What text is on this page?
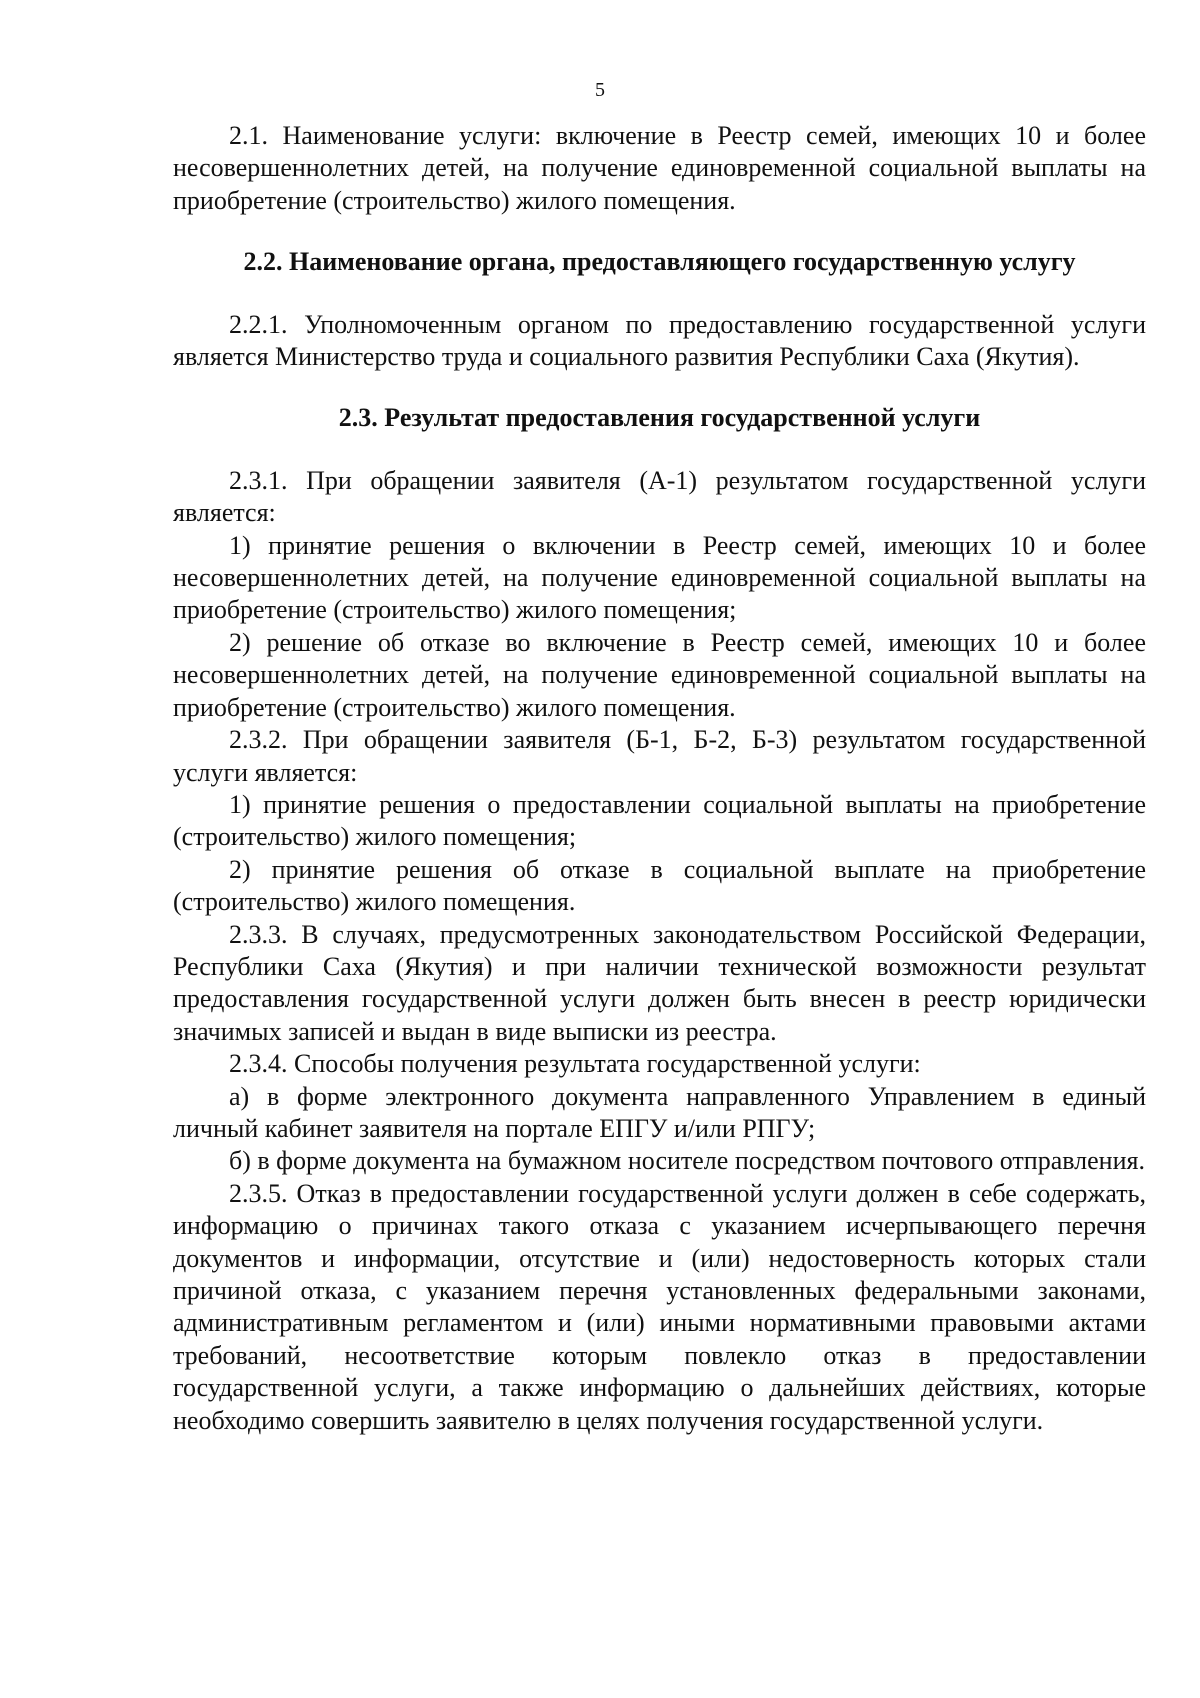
5

2.1. Наименование услуги: включение в Реестр семей, имеющих 10 и более несовершеннолетних детей, на получение единовременной социальной выплаты на приобретение (строительство) жилого помещения.

2.2. Наименование органа, предоставляющего государственную услугу

2.2.1. Уполномоченным органом по предоставлению государственной услуги является Министерство труда и социального развития Республики Саха (Якутия).

2.3. Результат предоставления государственной услуги

2.3.1. При обращении заявителя (А-1) результатом государственной услуги является:

1) принятие решения о включении в Реестр семей, имеющих 10 и более несовершеннолетних детей, на получение единовременной социальной выплаты на приобретение (строительство) жилого помещения;

2) решение об отказе во включение в Реестр семей, имеющих 10 и более несовершеннолетних детей, на получение единовременной социальной выплаты на приобретение (строительство) жилого помещения.

2.3.2. При обращении заявителя (Б-1, Б-2, Б-3) результатом государственной услуги является:

1) принятие решения о предоставлении социальной выплаты на приобретение (строительство) жилого помещения;

2) принятие решения об отказе в социальной выплате на приобретение (строительство) жилого помещения.

2.3.3. В случаях, предусмотренных законодательством Российской Федерации, Республики Саха (Якутия) и при наличии технической возможности результат предоставления государственной услуги должен быть внесен в реестр юридически значимых записей и выдан в виде выписки из реестра.

2.3.4. Способы получения результата государственной услуги:

а) в форме электронного документа направленного Управлением в единый личный кабинет заявителя на портале ЕПГУ и/или РПГУ;

б) в форме документа на бумажном носителе посредством почтового отправления.

2.3.5. Отказ в предоставлении государственной услуги должен в себе содержать, информацию о причинах такого отказа с указанием исчерпывающего перечня документов и информации, отсутствие и (или) недостоверность которых стали причиной отказа, с указанием перечня установленных федеральными законами, административным регламентом и (или) иными нормативными правовыми актами требований, несоответствие которым повлекло отказ в предоставлении государственной услуги, а также информацию о дальнейших действиях, которые необходимо совершить заявителю в целях получения государственной услуги.
